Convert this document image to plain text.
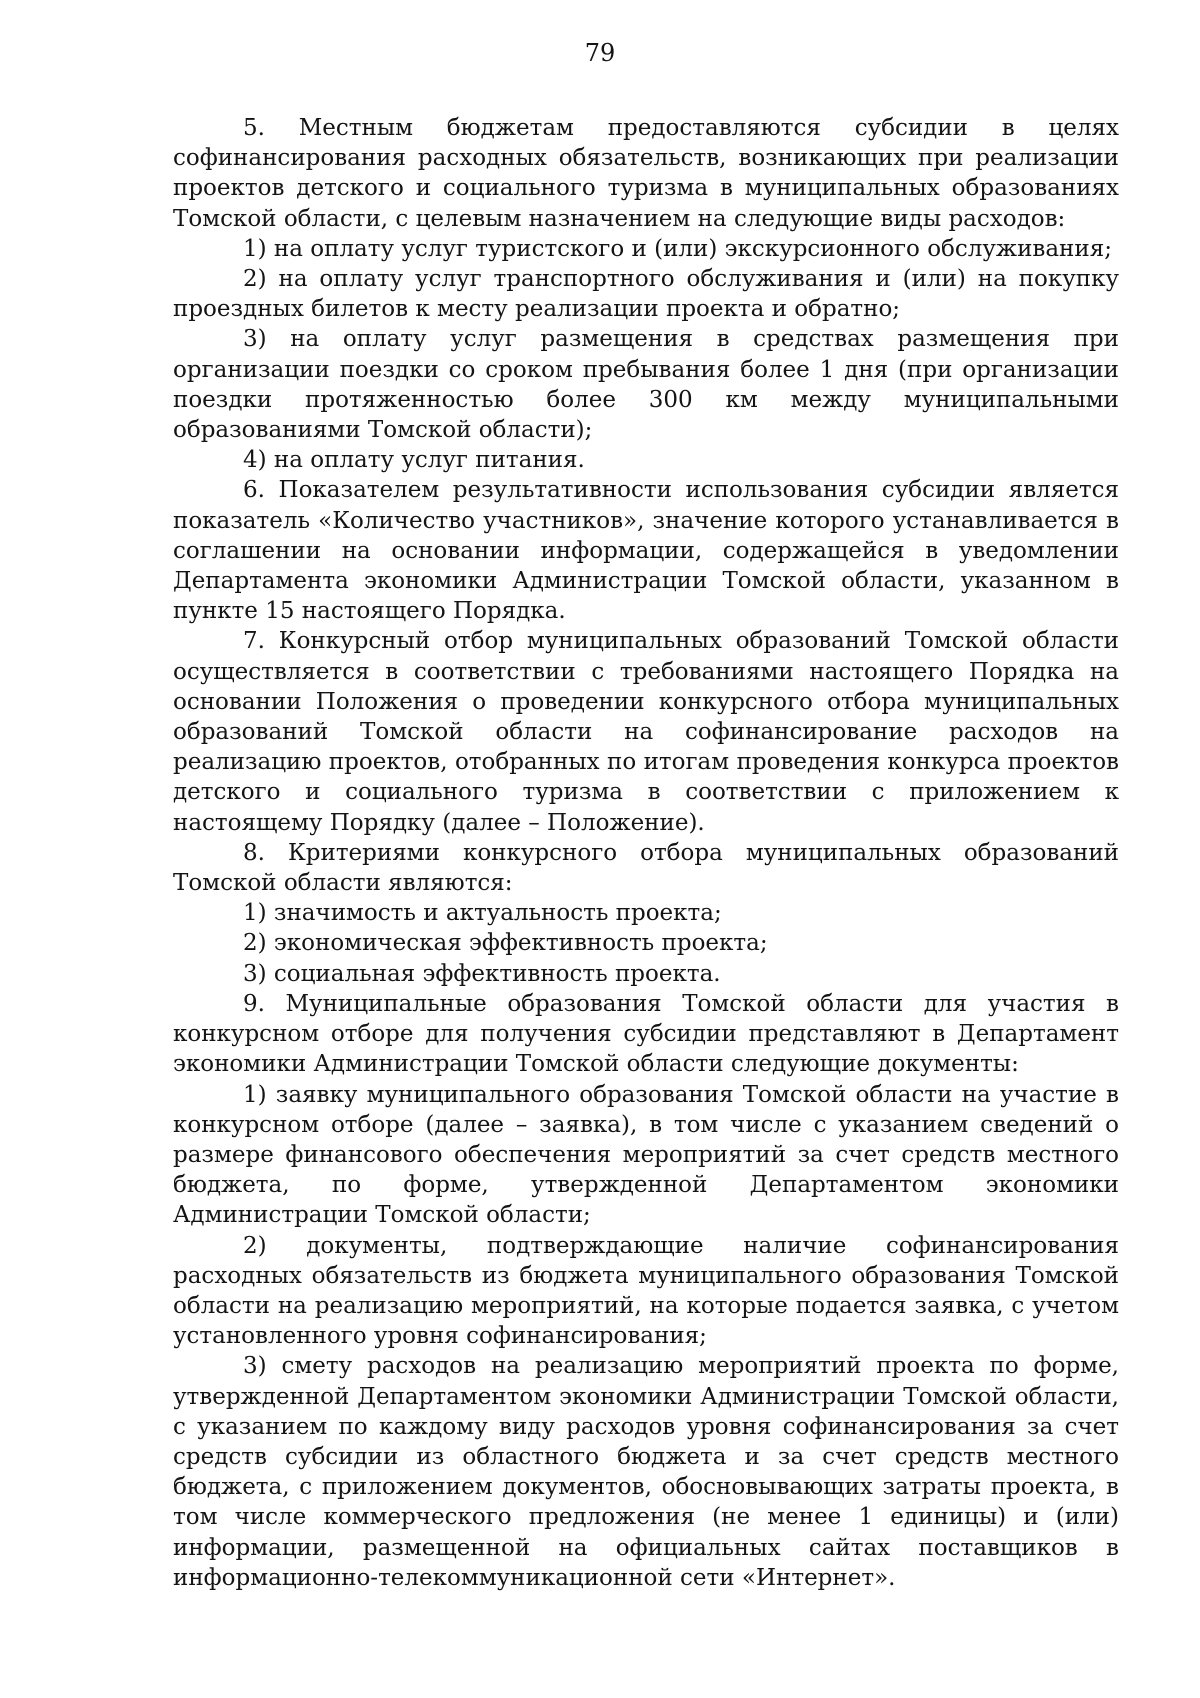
79

5. Местным бюджетам предоставляются субсидии в целях софинансирования расходных обязательств, возникающих при реализации проектов детского и социального туризма в муниципальных образованиях Томской области, с целевым назначением на следующие виды расходов:

1) на оплату услуг туристского и (или) экскурсионного обслуживания;

2) на оплату услуг транспортного обслуживания и (или) на покупку проездных билетов к месту реализации проекта и обратно;

3) на оплату услуг размещения в средствах размещения при организации поездки со сроком пребывания более 1 дня (при организации поездки протяженностью более 300 км между муниципальными образованиями Томской области);

4) на оплату услуг питания.

6. Показателем результативности использования субсидии является показатель «Количество участников», значение которого устанавливается в соглашении на основании информации, содержащейся в уведомлении Департамента экономики Администрации Томской области, указанном в пункте 15 настоящего Порядка.

7. Конкурсный отбор муниципальных образований Томской области осуществляется в соответствии с требованиями настоящего Порядка на основании Положения о проведении конкурсного отбора муниципальных образований Томской области на софинансирование расходов на реализацию проектов, отобранных по итогам проведения конкурса проектов детского и социального туризма в соответствии с приложением к настоящему Порядку (далее – Положение).

8. Критериями конкурсного отбора муниципальных образований Томской области являются:

1) значимость и актуальность проекта;

2) экономическая эффективность проекта;

3) социальная эффективность проекта.

9. Муниципальные образования Томской области для участия в конкурсном отборе для получения субсидии представляют в Департамент экономики Администрации Томской области следующие документы:

1) заявку муниципального образования Томской области на участие в конкурсном отборе (далее – заявка), в том числе с указанием сведений о размере финансового обеспечения мероприятий за счет средств местного бюджета, по форме, утвержденной Департаментом экономики Администрации Томской области;

2) документы, подтверждающие наличие софинансирования расходных обязательств из бюджета муниципального образования Томской области на реализацию мероприятий, на которые подается заявка, с учетом установленного уровня софинансирования;

3) смету расходов на реализацию мероприятий проекта по форме, утвержденной Департаментом экономики Администрации Томской области, с указанием по каждому виду расходов уровня софинансирования за счет средств субсидии из областного бюджета и за счет средств местного бюджета, с приложением документов, обосновывающих затраты проекта, в том числе коммерческого предложения (не менее 1 единицы) и (или) информации, размещенной на официальных сайтах поставщиков в информационно-телекоммуникационной сети «Интернет».
